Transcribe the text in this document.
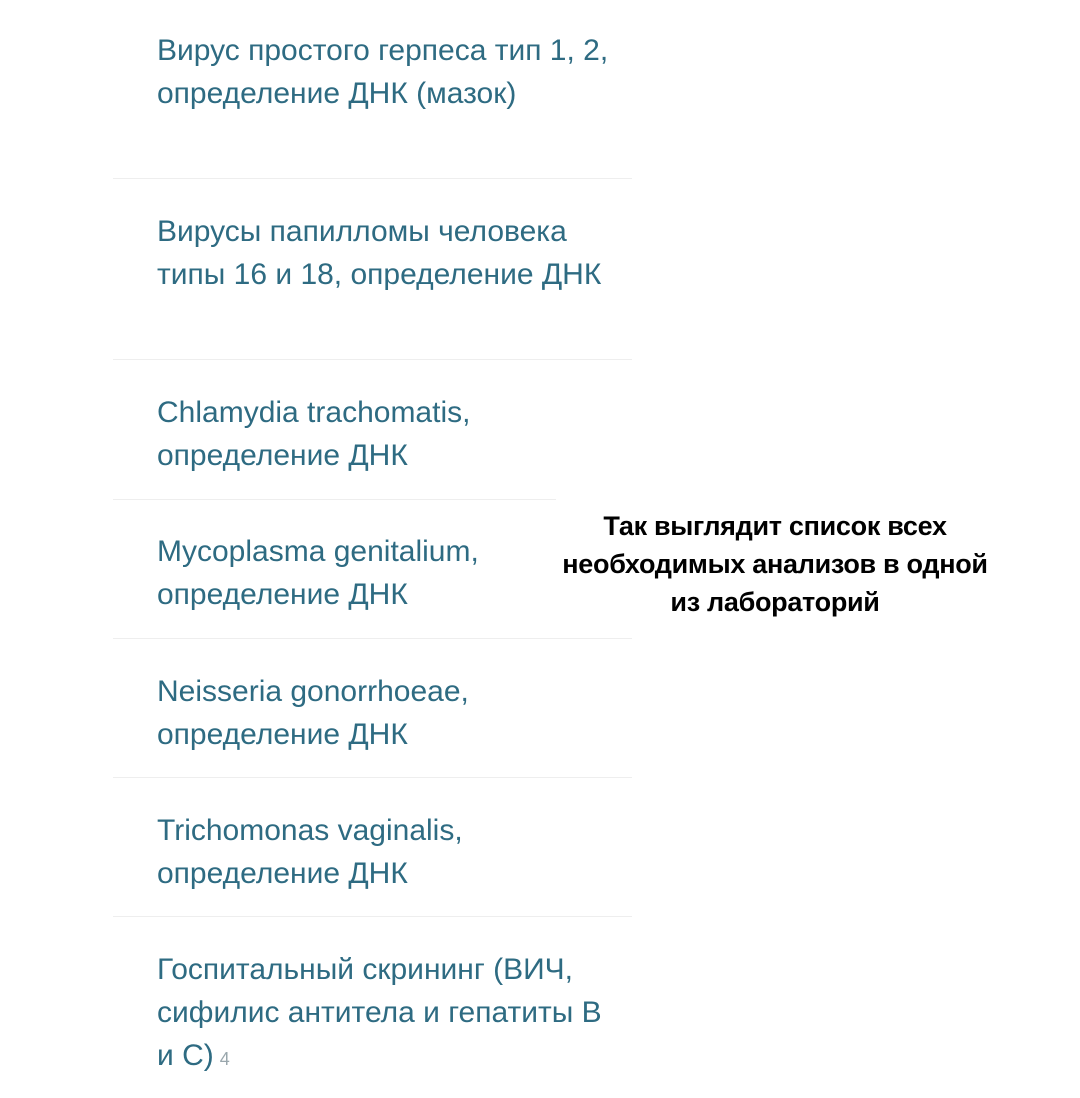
Вирус простого герпеса тип 1, 2, определение ДНК (мазок)
Вирусы папилломы человека типы 16 и 18, определение ДНК
Chlamydia trachomatis, определение ДНК
Mycoplasma genitalium, определение ДНК
Neisseria gonorrhoeae, определение ДНК
Trichomonas vaginalis, определение ДНК
Госпитальный скрининг (ВИЧ, сифилис антитела и гепатиты В и С) 4
Так выглядит список всех необходимых анализов в одной из лабораторий
